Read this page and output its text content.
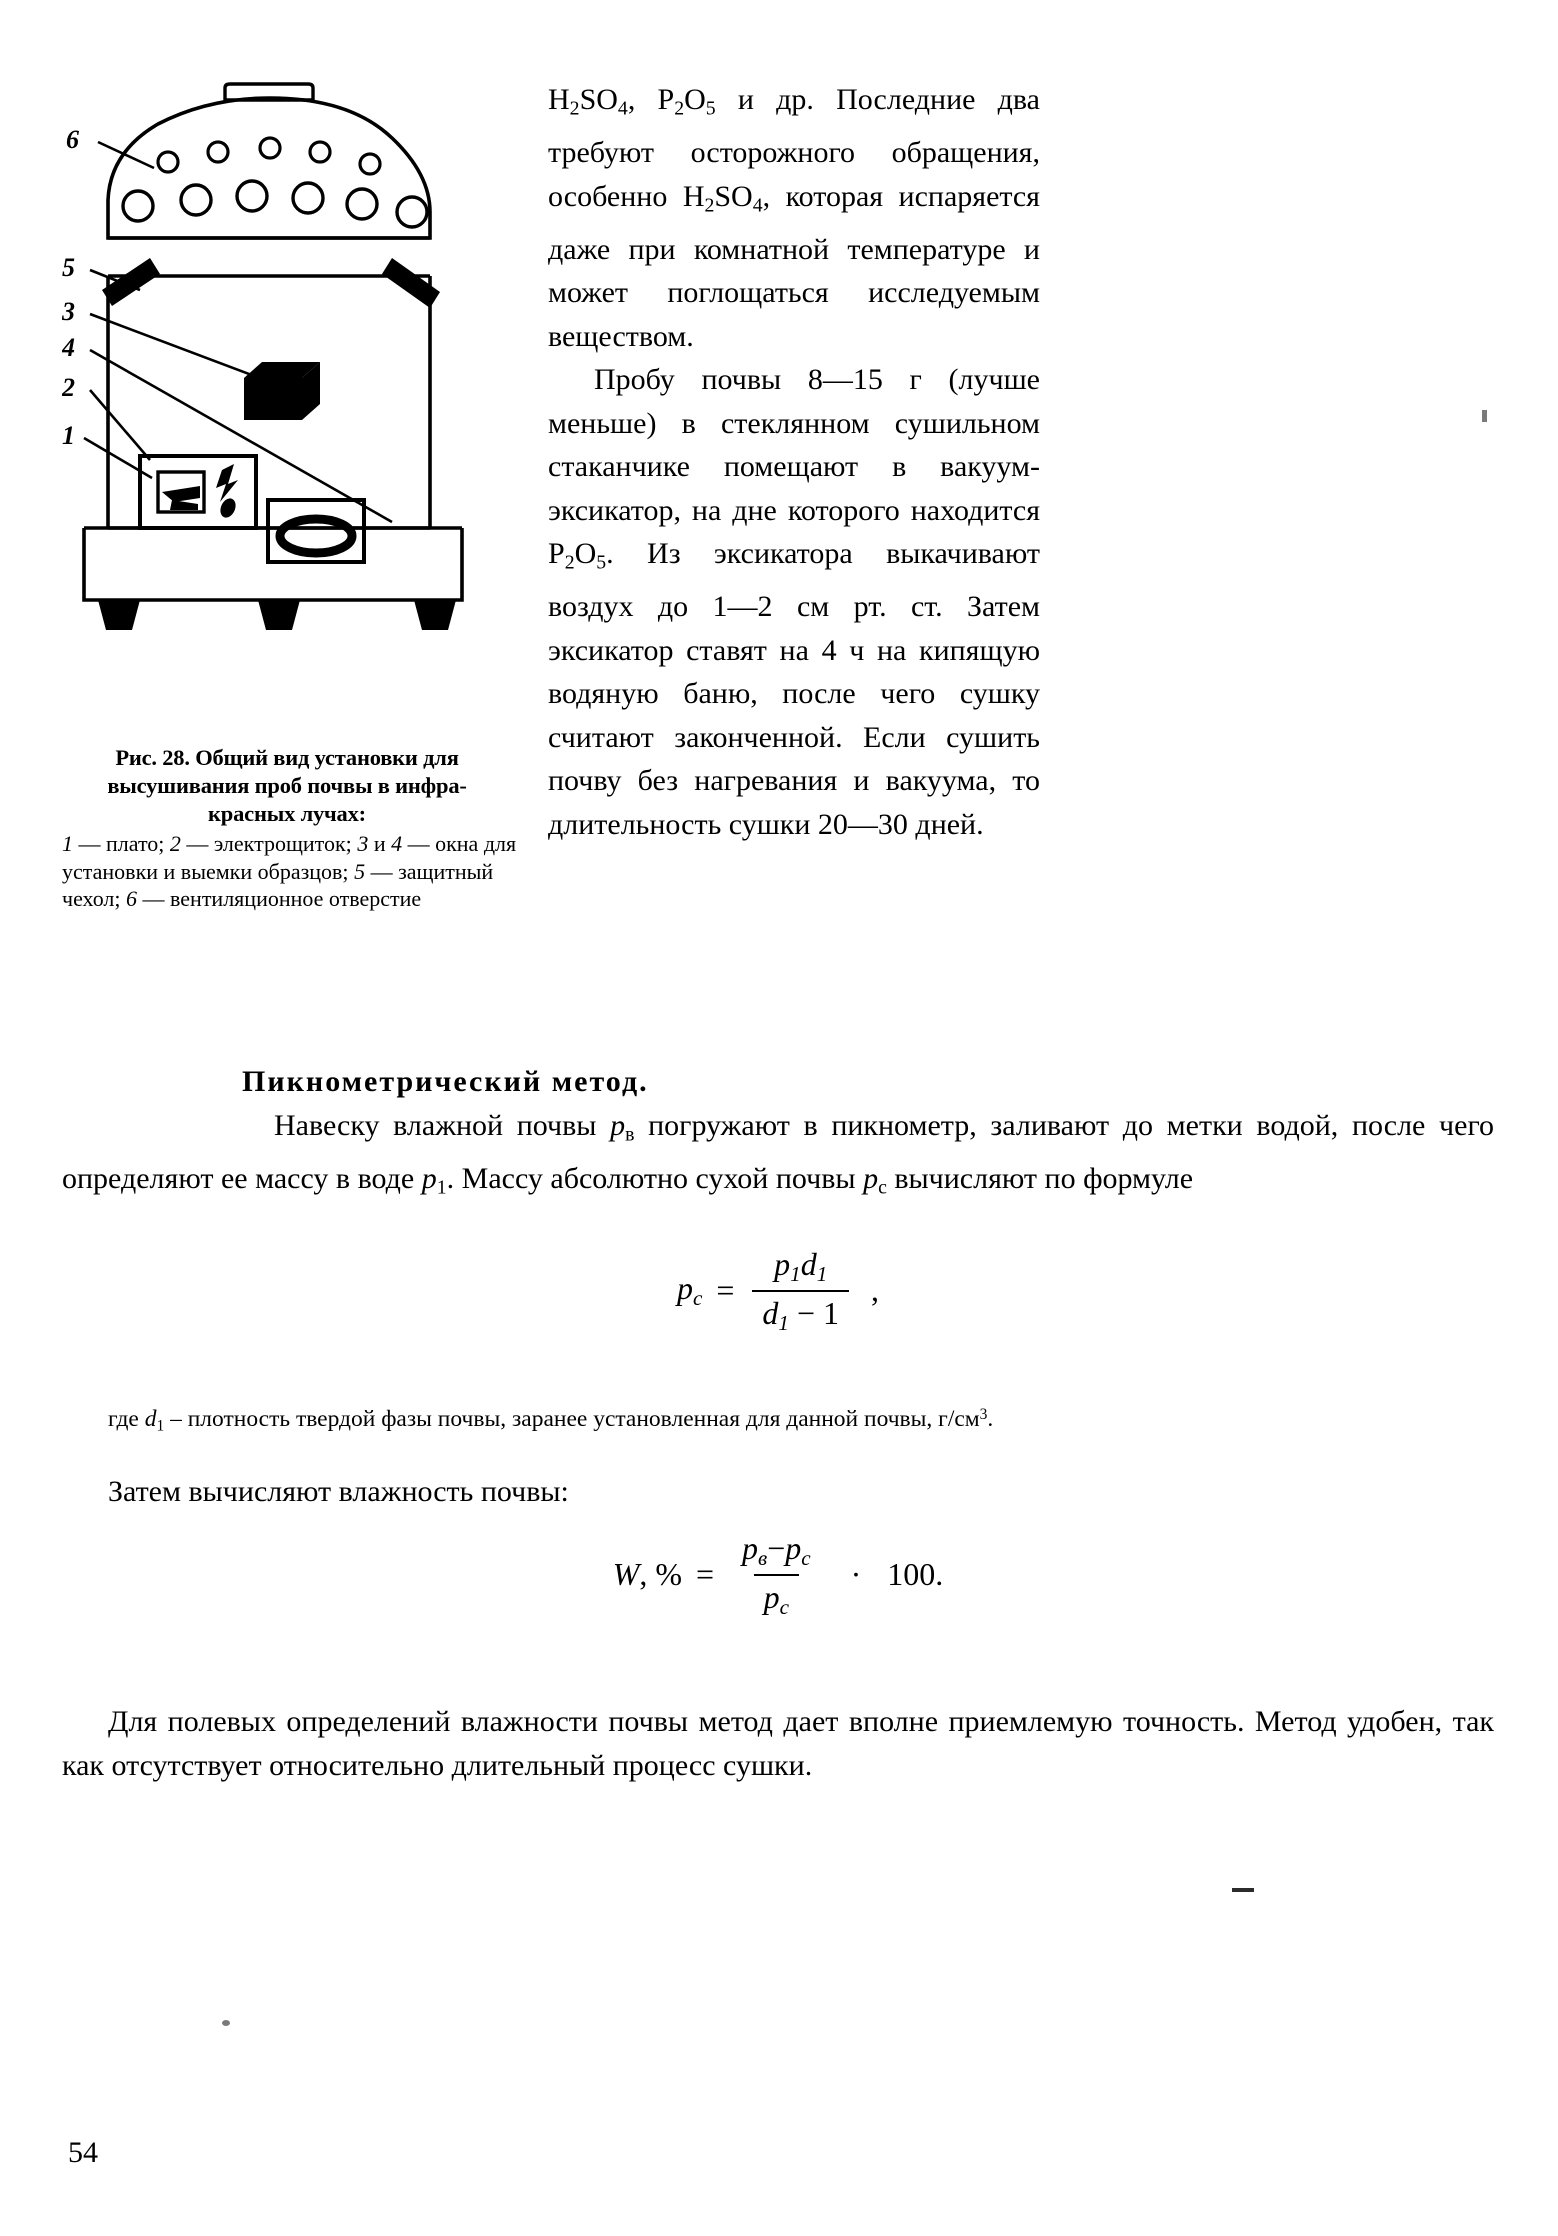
6
5
3
4
2
1
Рис. 28. Общий вид установки для
высушивания проб почвы в инфра-
красных лучах:
1 — плато; 2 — электрощиток; 3 и 4 — окна для установки и выемки образцов; 5 — защитный чехол; 6 — вентиляционное отверстие

$H_2SO_4$, $P_2O_5$ и др. Последние два требуют осторожного обращения, особенно $H_2SO_4$, которая испаряется даже при комнатной температуре и может поглощаться исследуемым веществом.

Пробу почвы 8—15 г (лучше меньше) в стеклянном сушильном стаканчике помещают в вакуум-эксикатор, на дне которого находится $P_2O_5$. Из эксикатора выкачивают воздух до 1—2 см рт. ст. Затем эксикатор ставят на 4 ч на кипящую водяную баню, после чего сушку считают законченной. Если сушить почву без нагревания и вакуума, то длительность сушки 20—30 дней.

Пикнометрический метод.
Навеску влажной почвы $p_в$ погружают в пикнометр, заливают до метки водой, после чего определяют ее массу в воде $p_1$. Массу абсолютно сухой почвы $p_с$ вычисляют по формуле

$p_с = \frac{p_1d_1}{d_1 - 1}$ ,

где $d_1$ – плотность твердой фазы почвы, заранее установленная для данной почвы, $г/см^3$.

Затем вычисляют влажность почвы:

W, % = $\frac{p_в-p_с}{p_с} \cdot 100$.

Для полевых определений влажности почвы метод дает вполне приемлемую точность. Метод удобен, так как отсутствует относительно длительный процесс сушки.

54
